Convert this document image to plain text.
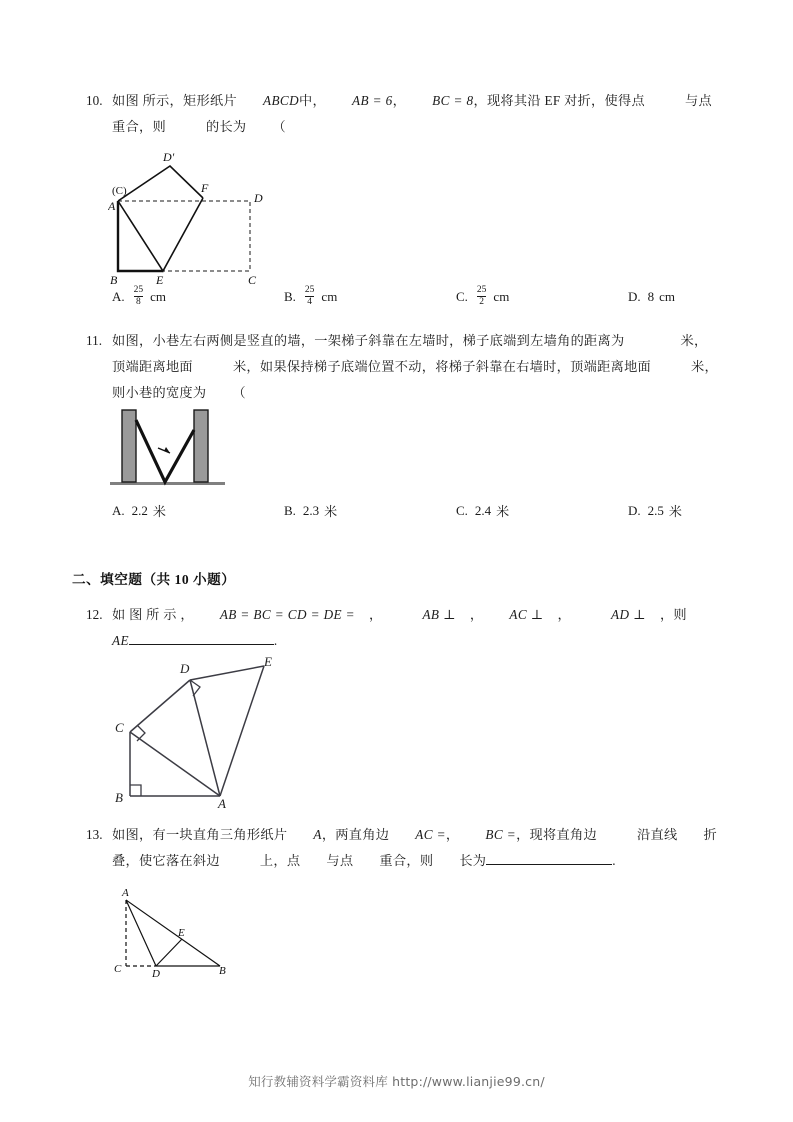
10. 如图 所示，矩形纸片 ABCD 中， AB = 6 ， BC = 8 ，现将其沿 EF 对折，使得点	与点
重合，则	的长为 （
D'
(C)
A
F
D
B	E	C
A. $\frac{25}{8}$ cm	B. $\frac{25}{4}$ cm	C. $\frac{25}{2}$ cm	D. 8 cm
11. 如图，小巷左右两侧是竖直的墙，一架梯子斜靠在左墙时，梯子底端到左墙角的距离为	米，
顶端距离地面	米，如果保持梯子底端位置不动，将梯子斜靠在右墙时，顶端距离地面	米，
则小巷的宽度为 （
A. 2.2 米	B. 2.3 米	C. 2.4 米	D. 2.5 米
二、填空题（共 10 小题）
12. 如 图 所 示 ， AB = BC = CD = DE = ，	AB ⊥ ， AC ⊥ ，	AD ⊥ ，则
AE	.
D	E
C
B	A
13. 如图，有一块直角三角形纸片 A ，两直角边 AC = ， BC = ，现将直角边	沿直线 折
叠，使它落在斜边	上，点 与点 重合，则 长为	.
A
E
C	D	B
知行教辅资料学霸资料库 http://www.lianjie99.cn/
